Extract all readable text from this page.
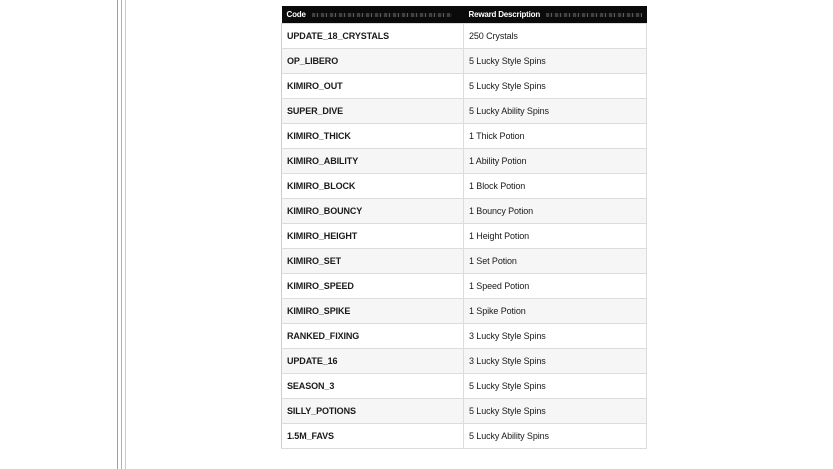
Code	Reward Description
UPDATE_18_CRYSTALS	250 Crystals
OP_LIBERO	5 Lucky Style Spins
KIMIRO_OUT	5 Lucky Style Spins
SUPER_DIVE	5 Lucky Ability Spins
KIMIRO_THICK	1 Thick Potion
KIMIRO_ABILITY	1 Ability Potion
KIMIRO_BLOCK	1 Block Potion
KIMIRO_BOUNCY	1 Bouncy Potion
KIMIRO_HEIGHT	1 Height Potion
KIMIRO_SET	1 Set Potion
KIMIRO_SPEED	1 Speed Potion
KIMIRO_SPIKE	1 Spike Potion
RANKED_FIXING	3 Lucky Style Spins
UPDATE_16	3 Lucky Style Spins
SEASON_3	5 Lucky Style Spins
SILLY_POTIONS	5 Lucky Style Spins
1.5M_FAVS	5 Lucky Ability Spins
